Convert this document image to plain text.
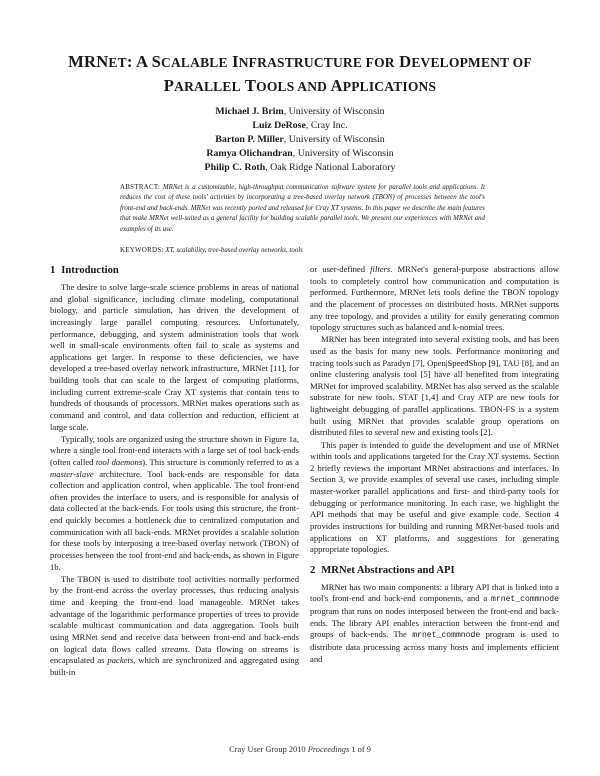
MRNET: A SCALABLE INFRASTRUCTURE FOR DEVELOPMENT OF
PARALLEL TOOLS AND APPLICATIONS
Michael J. Brim, University of Wisconsin
Luiz DeRose, Cray Inc.
Barton P. Miller, University of Wisconsin
Ramya Olichandran, University of Wisconsin
Philip C. Roth, Oak Ridge National Laboratory
ABSTRACT: MRNet is a customizable, high-throughput communication software system for parallel tools and applications. It reduces the cost of these tools' activities by incorporating a tree-based overlay network (TBON) of processes between the tool's front-end and back-ends. MRNet was recently ported and released for Cray XT systems. In this paper we describe the main features that make MRNet well-suited as a general facility for building scalable parallel tools. We present our experiences with MRNet and examples of its use.
KEYWORDS: XT, scalability, tree-based overlay networks, tools
1 Introduction

The desire to solve large-scale science problems in areas of national and global significance, including climate modeling, computational biology, and particle simulation, has driven the development of increasingly large parallel computing resources. Unfortunately, performance, debugging, and system administration tools that work well in small-scale environments often fail to scale as systems and applications get larger. In response to these deficiencies, we have developed a tree-based overlay network infrastructure, MRNet [11], for building tools that can scale to the largest of computing platforms, including current extreme-scale Cray XT systems that contain tens to hundreds of thousands of processors. MRNet makes operations such as command and control, and data collection and reduction, efficient at large scale.

Typically, tools are organized using the structure shown in Figure 1a, where a single tool front-end interacts with a large set of tool back-ends (often called tool daemons). This structure is commonly referred to as a master-slave architecture. Tool back-ends are responsible for data collection and application control, when applicable. The tool front-end often provides the interface to users, and is responsible for analysis of data collected at the back-ends. For tools using this structure, the front-end quickly becomes a bottleneck due to centralized computation and communication with all back-ends. MRNet provides a scalable solution for these tools by interposing a tree-based overlay network (TBON) of processes between the tool front-end and back-ends, as shown in Figure 1b.

The TBON is used to distribute tool activities normally performed by the front-end across the overlay processes, thus reducing analysis time and keeping the front-end load manageable. MRNet takes advantage of the logarithmic performance properties of trees to provide scalable multicast communication and data aggregation. Tools built using MRNet send and receive data between front-end and back-ends on logical data flows called streams. Data flowing on streams is encapsulated as packets, which are synchronized and aggregated using built-in

or user-defined filters. MRNet's general-purpose abstractions allow tools to completely control how communication and computation is performed. Furthermore, MRNet lets tools define the TBON topology and the placement of processes on distributed hosts. MRNet supports any tree topology, and provides a utility for easily generating common topology structures such as balanced and k-nomial trees.

MRNet has been integrated into several existing tools, and has been used as the basis for many new tools. Performance monitoring and tracing tools such as Paradyn [7], Open|SpeedShop [9], TAU [8], and an online clustering analysis tool [5] have all benefited from integrating MRNet for improved scalability. MRNet has also served as the scalable substrate for new tools. STAT [1,4] and Cray ATP are new tools for lightweight debugging of parallel applications. TBON-FS is a system built using MRNet that provides scalable group operations on distributed files to several new and existing tools [2].

This paper is intended to guide the development and use of MRNet within tools and applications targeted for the Cray XT systems. Section 2 briefly reviews the important MRNet abstractions and interfaces. In Section 3, we provide examples of several use cases, including simple master-worker parallel applications and first- and third-party tools for debugging or performance monitoring. In each case, we highlight the API methods that may be useful and give example code. Section 4 provides instructions for building and running MRNet-based tools and applications on XT platforms, and suggestions for generating appropriate topologies.

2 MRNet Abstractions and API

MRNet has two main components: a library API that is linked into a tool's front-end and back-end components, and a mrnet_commnode program that runs on nodes interposed between the front-end and back-ends. The library API enables interaction between the front-end and groups of back-ends. The mrnet_commnode program is used to distribute data processing across many hosts and implements efficient and

Cray User Group 2010 Proceedings 1 of 9
